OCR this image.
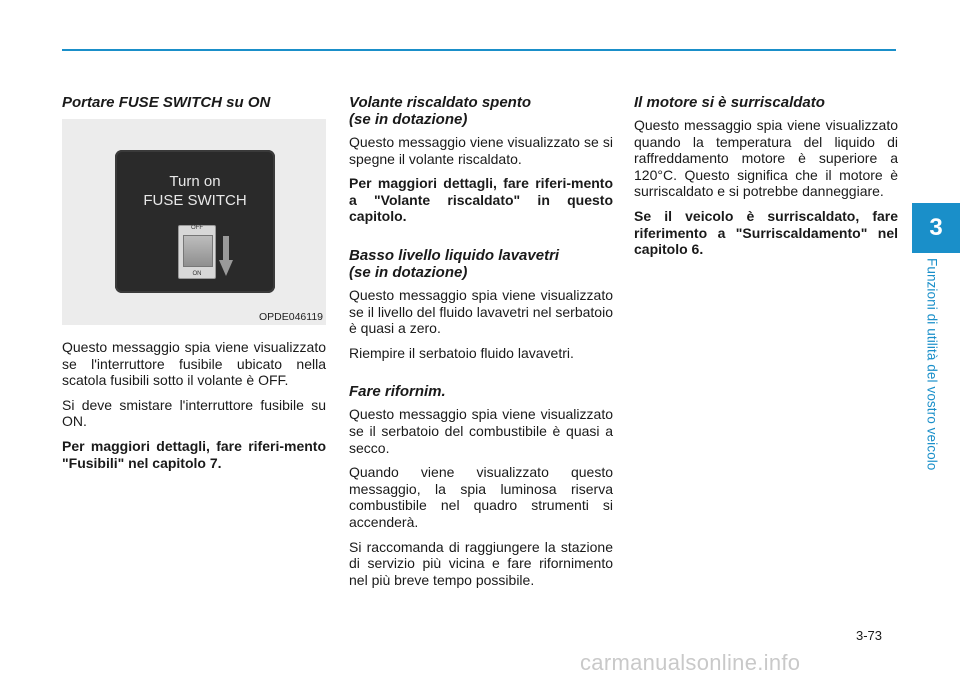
3
Funzioni di utilità del vostro veicolo
Portare FUSE SWITCH su ON
Turn on
FUSE SWITCH
OFF
ON
OPDE046119

Questo messaggio spia viene visualizzato se l'interruttore fusibile ubicato nella scatola fusibili sotto il volante è OFF.

Si deve smistare l'interruttore fusibile su ON.

Per maggiori dettagli, fare riferi-mento "Fusibili" nel capitolo 7.

Volante riscaldato spento
(se in dotazione)

Questo messaggio viene visualizzato se si spegne il volante riscaldato.

Per maggiori dettagli, fare riferi-mento a "Volante riscaldato" in questo capitolo.

Basso livello liquido lavavetri
(se in dotazione)

Questo messaggio spia viene visualizzato se il livello del fluido lavavetri nel serbatoio è quasi a zero.

Riempire il serbatoio fluido lavavetri.

Fare rifornim.

Questo messaggio spia viene visualizzato se il serbatoio del combustibile è quasi a secco.

Quando viene visualizzato questo messaggio, la spia luminosa riserva combustibile nel quadro strumenti si accenderà.

Si raccomanda di raggiungere la stazione di servizio più vicina e fare rifornimento nel più breve tempo possibile.

Il motore si è surriscaldato

Questo messaggio spia viene visualizzato quando la temperatura del liquido di raffreddamento motore è superiore a 120°C. Questo significa che il motore è surriscaldato e si potrebbe danneggiare.

Se il veicolo è surriscaldato, fare riferimento a "Surriscaldamento" nel capitolo 6.

3-73
carmanualsonline.info
